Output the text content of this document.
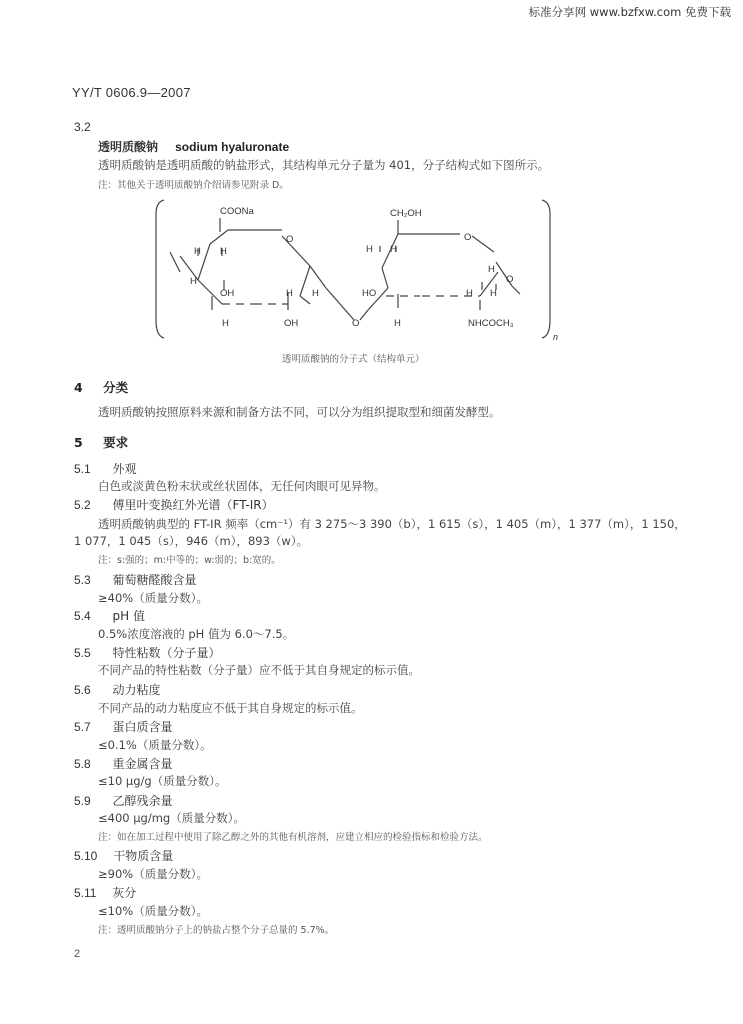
标准分享网 www.bzfxw.com 免费下载
YY/T 0606.9—2007
3.2
透明质酸钠 sodium hyaluronate
透明质酸钠是透明质酸的钠盐形式，其结构单元分子量为 401，分子结构式如下图所示。
注：其他关于透明质酸钠介绍请参见附录 D。
n
COONa
H H
O
H
OH	H H
H	OH	O
CH₂OH
H H
O
H
O
HO	H H
H	NHCOCH₃
透明质酸钠的分子式（结构单元）
4 分类
透明质酸钠按照原料来源和制备方法不同，可以分为组织提取型和细菌发酵型。
5 要求
5.1 外观
白色或淡黄色粉末状或丝状固体，无任何肉眼可见异物。
5.2 傅里叶变换红外光谱（FT-IR）
透明质酸钠典型的 FT-IR 频率（cm⁻¹）有 3 275～3 390（b），1 615（s），1 405（m），1 377（m），1 150，
1 077，1 045（s），946（m），893（w）。
注：s:强的；m:中等的；w:弱的；b:宽的。
5.3 葡萄糖醛酸含量
≥40%（质量分数）。
5.4 pH 值
0.5%浓度溶液的 pH 值为 6.0～7.5。
5.5 特性粘数（分子量）
不同产品的特性粘数（分子量）应不低于其自身规定的标示值。
5.6 动力粘度
不同产品的动力粘度应不低于其自身规定的标示值。
5.7 蛋白质含量
≤0.1%（质量分数）。
5.8 重金属含量
≤10 μg/g（质量分数）。
5.9 乙醇残余量
≤400 μg/mg（质量分数）。
注：如在加工过程中使用了除乙醇之外的其他有机溶剂，应建立相应的检验指标和检验方法。
5.10 干物质含量
≥90%（质量分数）。
5.11 灰分
≤10%（质量分数）。
注：透明质酸钠分子上的钠盐占整个分子总量的 5.7%。
2
